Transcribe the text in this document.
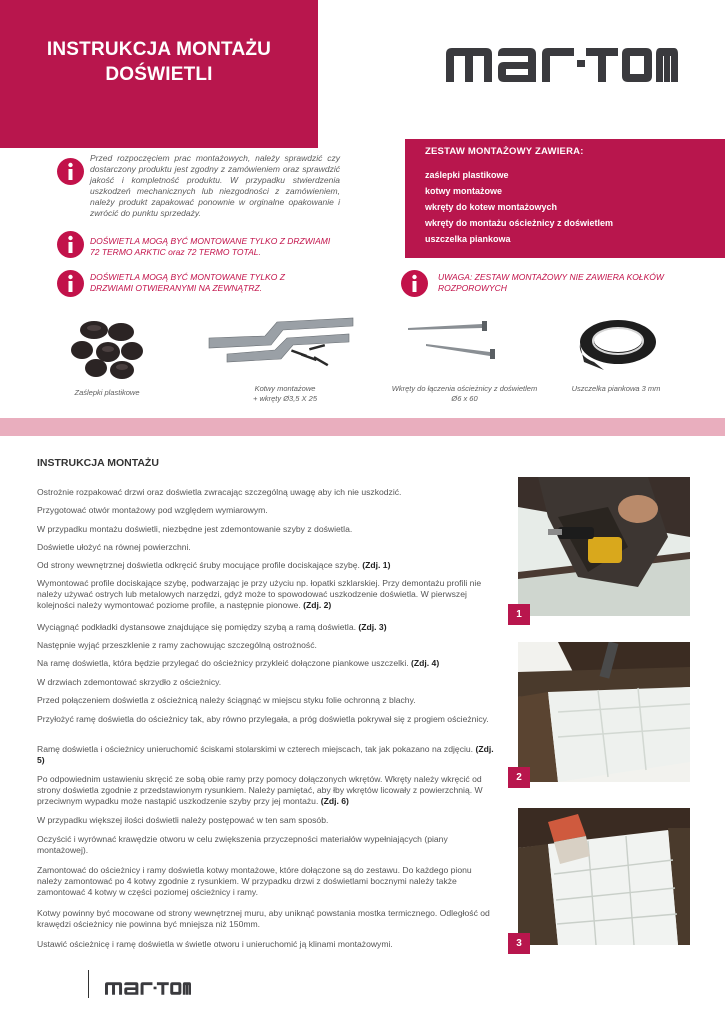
INSTRUKCJA MONTAŻU
DOŚWIETLI
ZESTAW MONTAŻOWY ZAWIERA:
zaślepki plastikowe
kotwy montażowe
wkręty do kotew montażowych
wkręty do montażu ościeżnicy z doświetlem
uszczelka piankowa
Przed rozpoczęciem prac montażowych, należy sprawdzić czy dostarczony produktu jest zgodny z zamówieniem oraz sprawdzić jakość i kompletność produktu. W przypadku stwierdzenia uszkodzeń mechanicznych lub niezgodności z zamówieniem, należy produkt zapakować ponownie w orginalne opakowanie i zwrócić do punktu sprzedaży.
DOŚWIETLA MOGĄ BYĆ MONTOWANE TYLKO Z DRZWIAMI 72 TERMO ARKTIC oraz 72 TERMO TOTAL.
DOŚWIETLA MOGĄ BYĆ MONTOWANE TYLKO Z DRZWIAMI OTWIERANYMI NA ZEWNĄTRZ.
UWAGA: ZESTAW MONTAŻOWY NIE ZAWIERA KOŁKÓW ROZPOROWYCH
Zaślepki plastikowe	Kotwy montażowe
+ wkręty Ø3,5 X 25
Wkręty do łączenia ościeżnicy z doświetlem
Ø6 x 60
Uszczelka piankowa 3 mm
INSTRUKCJA MONTAŻU
Ostrożnie rozpakować drzwi oraz doświetla zwracając szczególną uwagę aby ich nie uszkodzić.
Przygotować otwór montażowy pod względem wymiarowym.
W przypadku montażu doświetli, niezbędne jest zdemontowanie szyby z doświetla.
Doświetle ułożyć na równej powierzchni.
Od strony wewnętrznej doświetla odkręcić śruby mocujące profile dociskające szybę. (Zdj. 1)
Wymontować profile dociskające szybę, podwarzając je przy użyciu np. łopatki szklarskiej. Przy demontażu profili nie należy używać ostrych lub metalowych narzędzi, gdyż może to spowodować uszkodzenie doświetla. W pierwszej kolejności należy wymontować poziome profile, a następnie pionowe. (Zdj. 2)
Wyciągnąć podkładki dystansowe znajdujące się pomiędzy szybą a ramą doświetla. (Zdj. 3)
Następnie wyjąć przeszklenie z ramy zachowując szczególną ostrożność.
Na ramę doświetla, która będzie przylegać do ościeżnicy przykleić dołączone piankowe uszczelki. (Zdj. 4)
W drzwiach zdemontować skrzydło z ościeżnicy.
Przed połączeniem doświetla z ościeżnicą należy ściągnąć w miejscu styku folie ochronną z blachy.
Przyłożyć ramę doświetla do ościeżnicy tak, aby równo przylegała, a próg doświetla pokrywał się z progiem ościeżnicy.
Ramę doświetla i ościeżnicy unieruchomić ściskami stolarskimi w czterech miejscach, tak jak pokazano na zdjęciu. (Zdj. 5)
Po odpowiednim ustawieniu skręcić ze sobą obie ramy przy pomocy dołączonych wkrętów. Wkręty należy wkręcić od strony doświetla zgodnie z przedstawionym rysunkiem. Należy pamiętać, aby łby wkrętów licowały z powierzchnią. W przeciwnym wypadku może nastąpić uszkodzenie szyby przy jej montażu. (Zdj. 6)
W przypadku większej ilości doświetli należy postępować w ten sam sposób.
Oczyścić i wyrównać krawędzie otworu w celu zwiększenia przyczepności materiałów wypełniających (piany montażowej).
Zamontować do ościeżnicy i ramy doświetla kotwy montażowe, które dołączone są do zestawu. Do każdego pionu należy zamontować po 4 kotwy zgodnie z rysunkiem. W przypadku drzwi z doświetlami bocznymi należy także zamontować 4 kotwy w części poziomej ościeżnicy i ramy.
Kotwy powinny być mocowane od strony wewnętrznej muru, aby uniknąć powstania mostka termicznego. Odległość od krawędzi ościeżnicy nie powinna być mniejsza niż 150mm.
Ustawić ościeżnicę i ramę doświetla w świetle otworu i unieruchomić ją klinami montażowymi.
1
2
3
